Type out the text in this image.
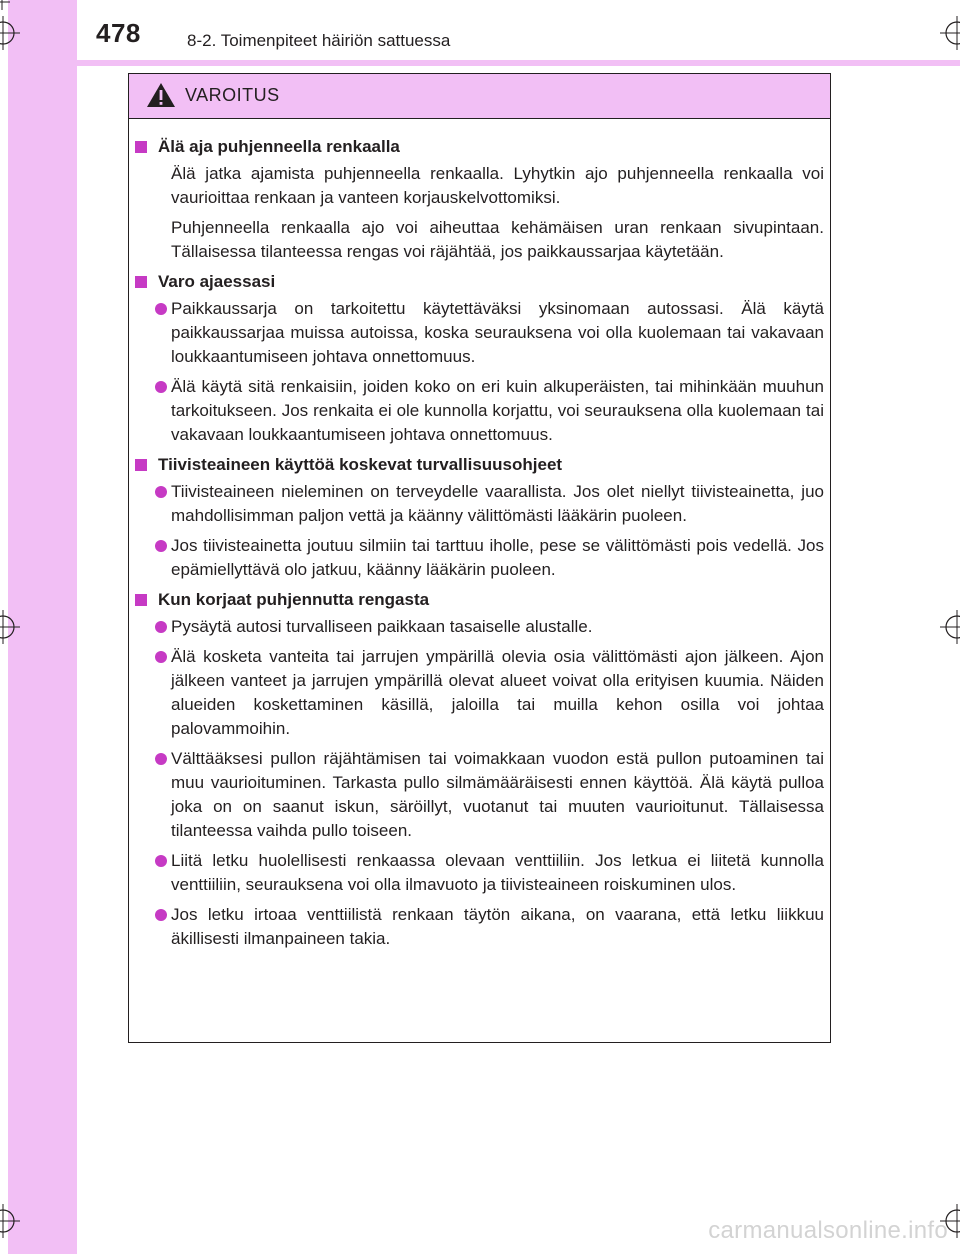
478	8-2. Toimenpiteet häiriön sattuessa
VAROITUS
Älä aja puhjenneella renkaalla
Älä jatka ajamista puhjenneella renkaalla. Lyhytkin ajo puhjenneella renkaalla voi vaurioittaa renkaan ja vanteen korjauskelvottomiksi.
Puhjenneella renkaalla ajo voi aiheuttaa kehämäisen uran renkaan sivupintaan. Tällaisessa tilanteessa rengas voi räjähtää, jos paikkaussarjaa käytetään.
Varo ajaessasi
Paikkaussarja on tarkoitettu käytettäväksi yksinomaan autossasi. Älä käytä paikkaussarjaa muissa autoissa, koska seurauksena voi olla kuolemaan tai vakavaan loukkaantumiseen johtava onnettomuus.
Älä käytä sitä renkaisiin, joiden koko on eri kuin alkuperäisten, tai mihinkään muuhun tarkoitukseen. Jos renkaita ei ole kunnolla korjattu, voi seurauksena olla kuolemaan tai vakavaan loukkaantumiseen johtava onnettomuus.
Tiivisteaineen käyttöä koskevat turvallisuusohjeet
Tiivisteaineen nieleminen on terveydelle vaarallista. Jos olet niellyt tiivisteainetta, juo mahdollisimman paljon vettä ja käänny välittömästi lääkärin puoleen.
Jos tiivisteainetta joutuu silmiin tai tarttuu iholle, pese se välittömästi pois vedellä. Jos epämiellyttävä olo jatkuu, käänny lääkärin puoleen.
Kun korjaat puhjennutta rengasta
Pysäytä autosi turvalliseen paikkaan tasaiselle alustalle.
Älä kosketa vanteita tai jarrujen ympärillä olevia osia välittömästi ajon jälkeen. Ajon jälkeen vanteet ja jarrujen ympärillä olevat alueet voivat olla erityisen kuumia. Näiden alueiden koskettaminen käsillä, jaloilla tai muilla kehon osilla voi johtaa palovammoihin.
Välttääksesi pullon räjähtämisen tai voimakkaan vuodon estä pullon putoaminen tai muu vaurioituminen. Tarkasta pullo silmämääräisesti ennen käyttöä. Älä käytä pulloa joka on on saanut iskun, säröillyt, vuotanut tai muuten vaurioitunut. Tällaisessa tilanteessa vaihda pullo toiseen.
Liitä letku huolellisesti renkaassa olevaan venttiiliin. Jos letkua ei liitetä kunnolla venttiiliin, seurauksena voi olla ilmavuoto ja tiivisteaineen roiskuminen ulos.
Jos letku irtoaa venttiilistä renkaan täytön aikana, on vaarana, että letku liikkuu äkillisesti ilmanpaineen takia.
carmanualsonline.info
